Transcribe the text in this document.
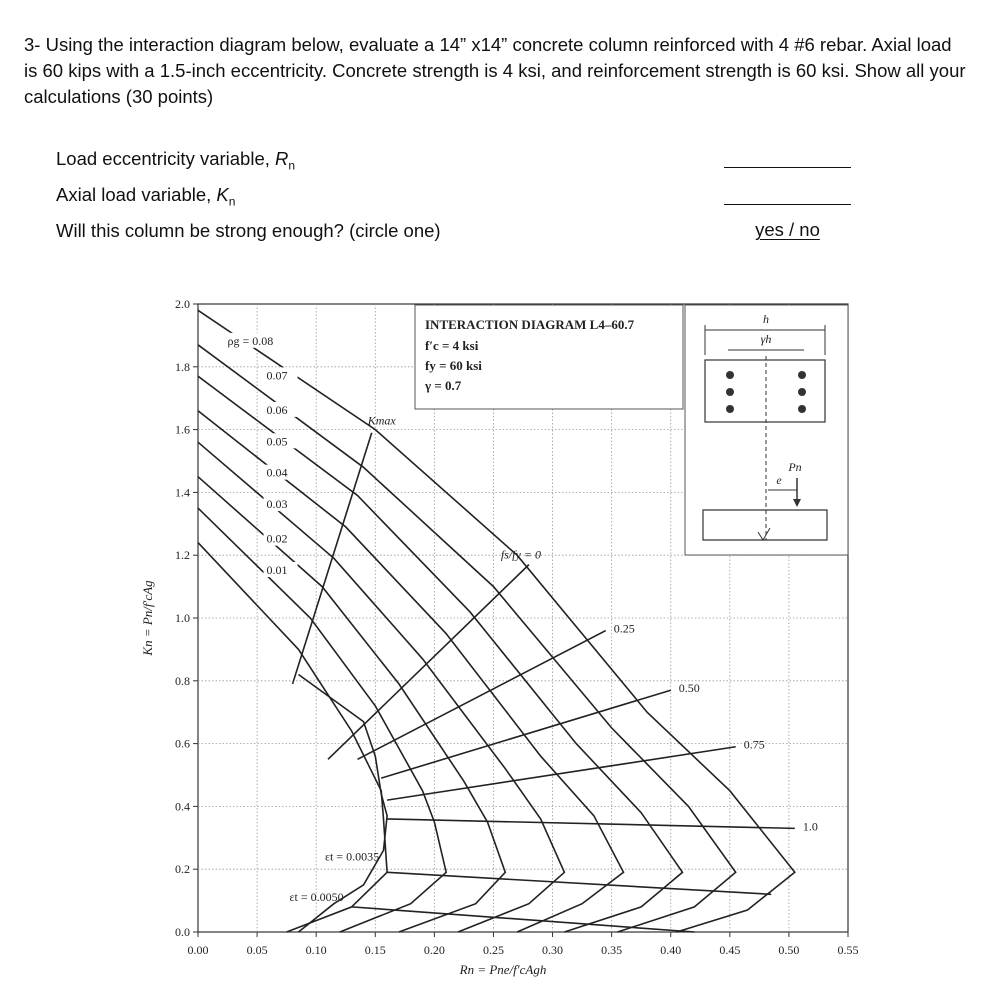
3- Using the interaction diagram below, evaluate a 14” x14” concrete column reinforced with 4 #6 rebar. Axial load is 60 kips with a 1.5-inch eccentricity. Concrete strength is 4 ksi, and reinforcement strength is 60 ksi. Show all your calculations (30 points)

Load eccentricity variable, $R_n$
Axial load variable, $K_n$
Will this column be strong enough? (circle one)	yes / no
0.00	0.05	0.10	0.15	0.20	0.25	0.30	0.35	0.40	0.45	0.50	0.55
0.0
0.2
0.4
0.6
0.8
1.0
1.2
1.4
1.6
1.8
2.0
Rn = Pne/f′cAgh
Kn = Pn/f′cAg
Kmax
fs/fy = 0
0.25
0.50
0.75
1.0
εt = 0.0035
εt = 0.0050
ρg = 0.08
0.07
0.06
0.05
0.04
0.03
0.02
0.01
INTERACTION DIAGRAM L4–60.7
f′c = 4 ksi
fy = 60 ksi
γ = 0.7
h
γh
Pn
e
